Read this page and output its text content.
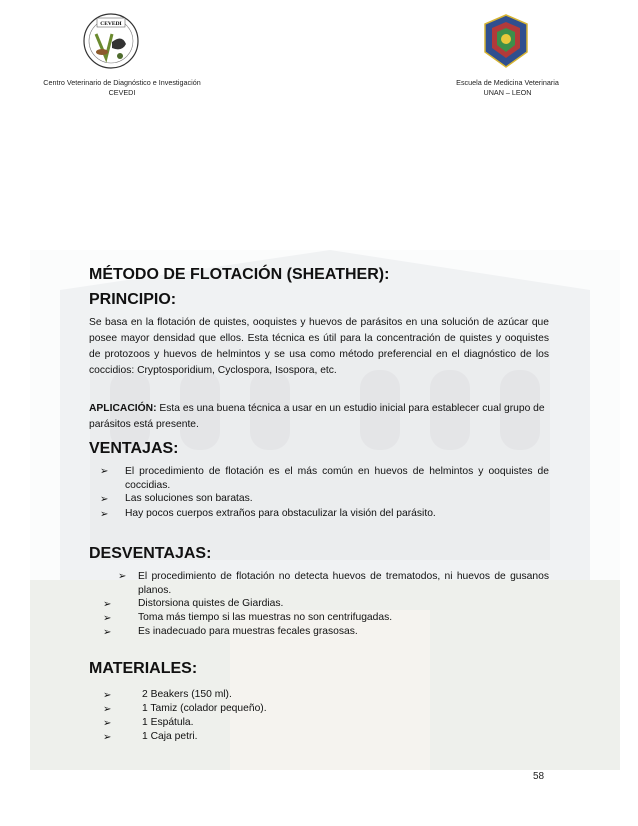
CEVEDI
Centro Veterinario de Diagnóstico e Investigación
CEVEDI
Escuela de Medicina Veterinaria
UNAN – LEON
MÉTODO DE FLOTACIÓN (SHEATHER):
PRINCIPIO:
Se basa en la flotación de quistes, ooquistes y huevos de parásitos en una solución de azúcar que posee mayor densidad que ellos. Esta técnica es útil para la concentración de quistes y ooquistes de protozoos y huevos de helmintos y se usa como método preferencial en el diagnóstico de los coccidios: Cryptosporidium, Cyclospora, Isospora, etc.
APLICACIÓN: Esta es una buena técnica a usar en un estudio inicial para establecer cual grupo de parásitos está presente.
VENTAJAS:
➢ El procedimiento de flotación es el más común en huevos de helmintos y ooquistes de coccidias.
➢ Las soluciones son baratas.
➢ Hay pocos cuerpos extraños para obstaculizar la visión del parásito.
DESVENTAJAS:
➢ El procedimiento de flotación no detecta huevos de trematodos, ni huevos de gusanos planos.
➢	Distorsiona quistes de Giardias.
➢	Toma más tiempo si las muestras no son centrifugadas.
➢	Es inadecuado para muestras fecales grasosas.
MATERIALES:
➢	2 Beakers (150 ml).
➢	1 Tamiz (colador pequeño).
➢	1 Espátula.
➢	1 Caja petri.
58
